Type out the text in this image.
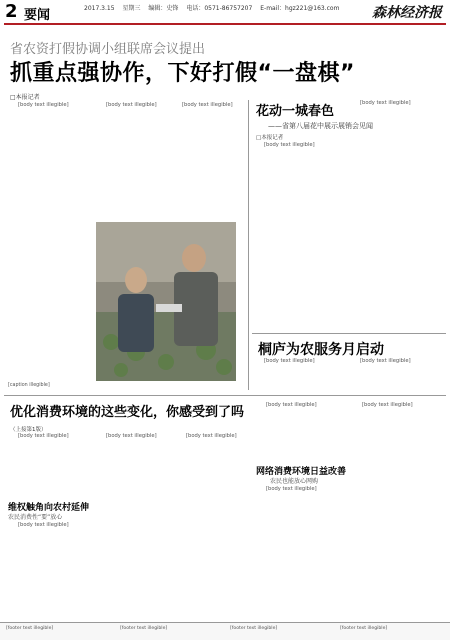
2 要闻	2017.3.15 星期三 编辑：史锋 电话：0571-86757207 E-mail：hgz221@163.com	森林经济报
省农资打假协调小组联席会议提出
抓重点强协作，下好打假“一盘棋”
□本报记者

[body text illegible]	[body text illegible]	[body text illegible]

[caption illegible]
花动一城春色
——省第八届花中展示展销会见闻
□本报记者

[body text illegible]

[body text illegible]

桐庐为农服务月启动

[body text illegible]	[body text illegible]

优化消费环境的这些变化，你感受到了吗
（上接第1版）

[body text illegible]

维权触角向农村延伸
农民消费性“要”放心

[body text illegible]

[body text illegible]	[body text illegible]

[body text illegible]

网络消费环境日益改善
农民也能放心网购

[body text illegible]

[body text illegible]

[footer text illegible]	[footer text illegible]	[footer text illegible]	[footer text illegible]
